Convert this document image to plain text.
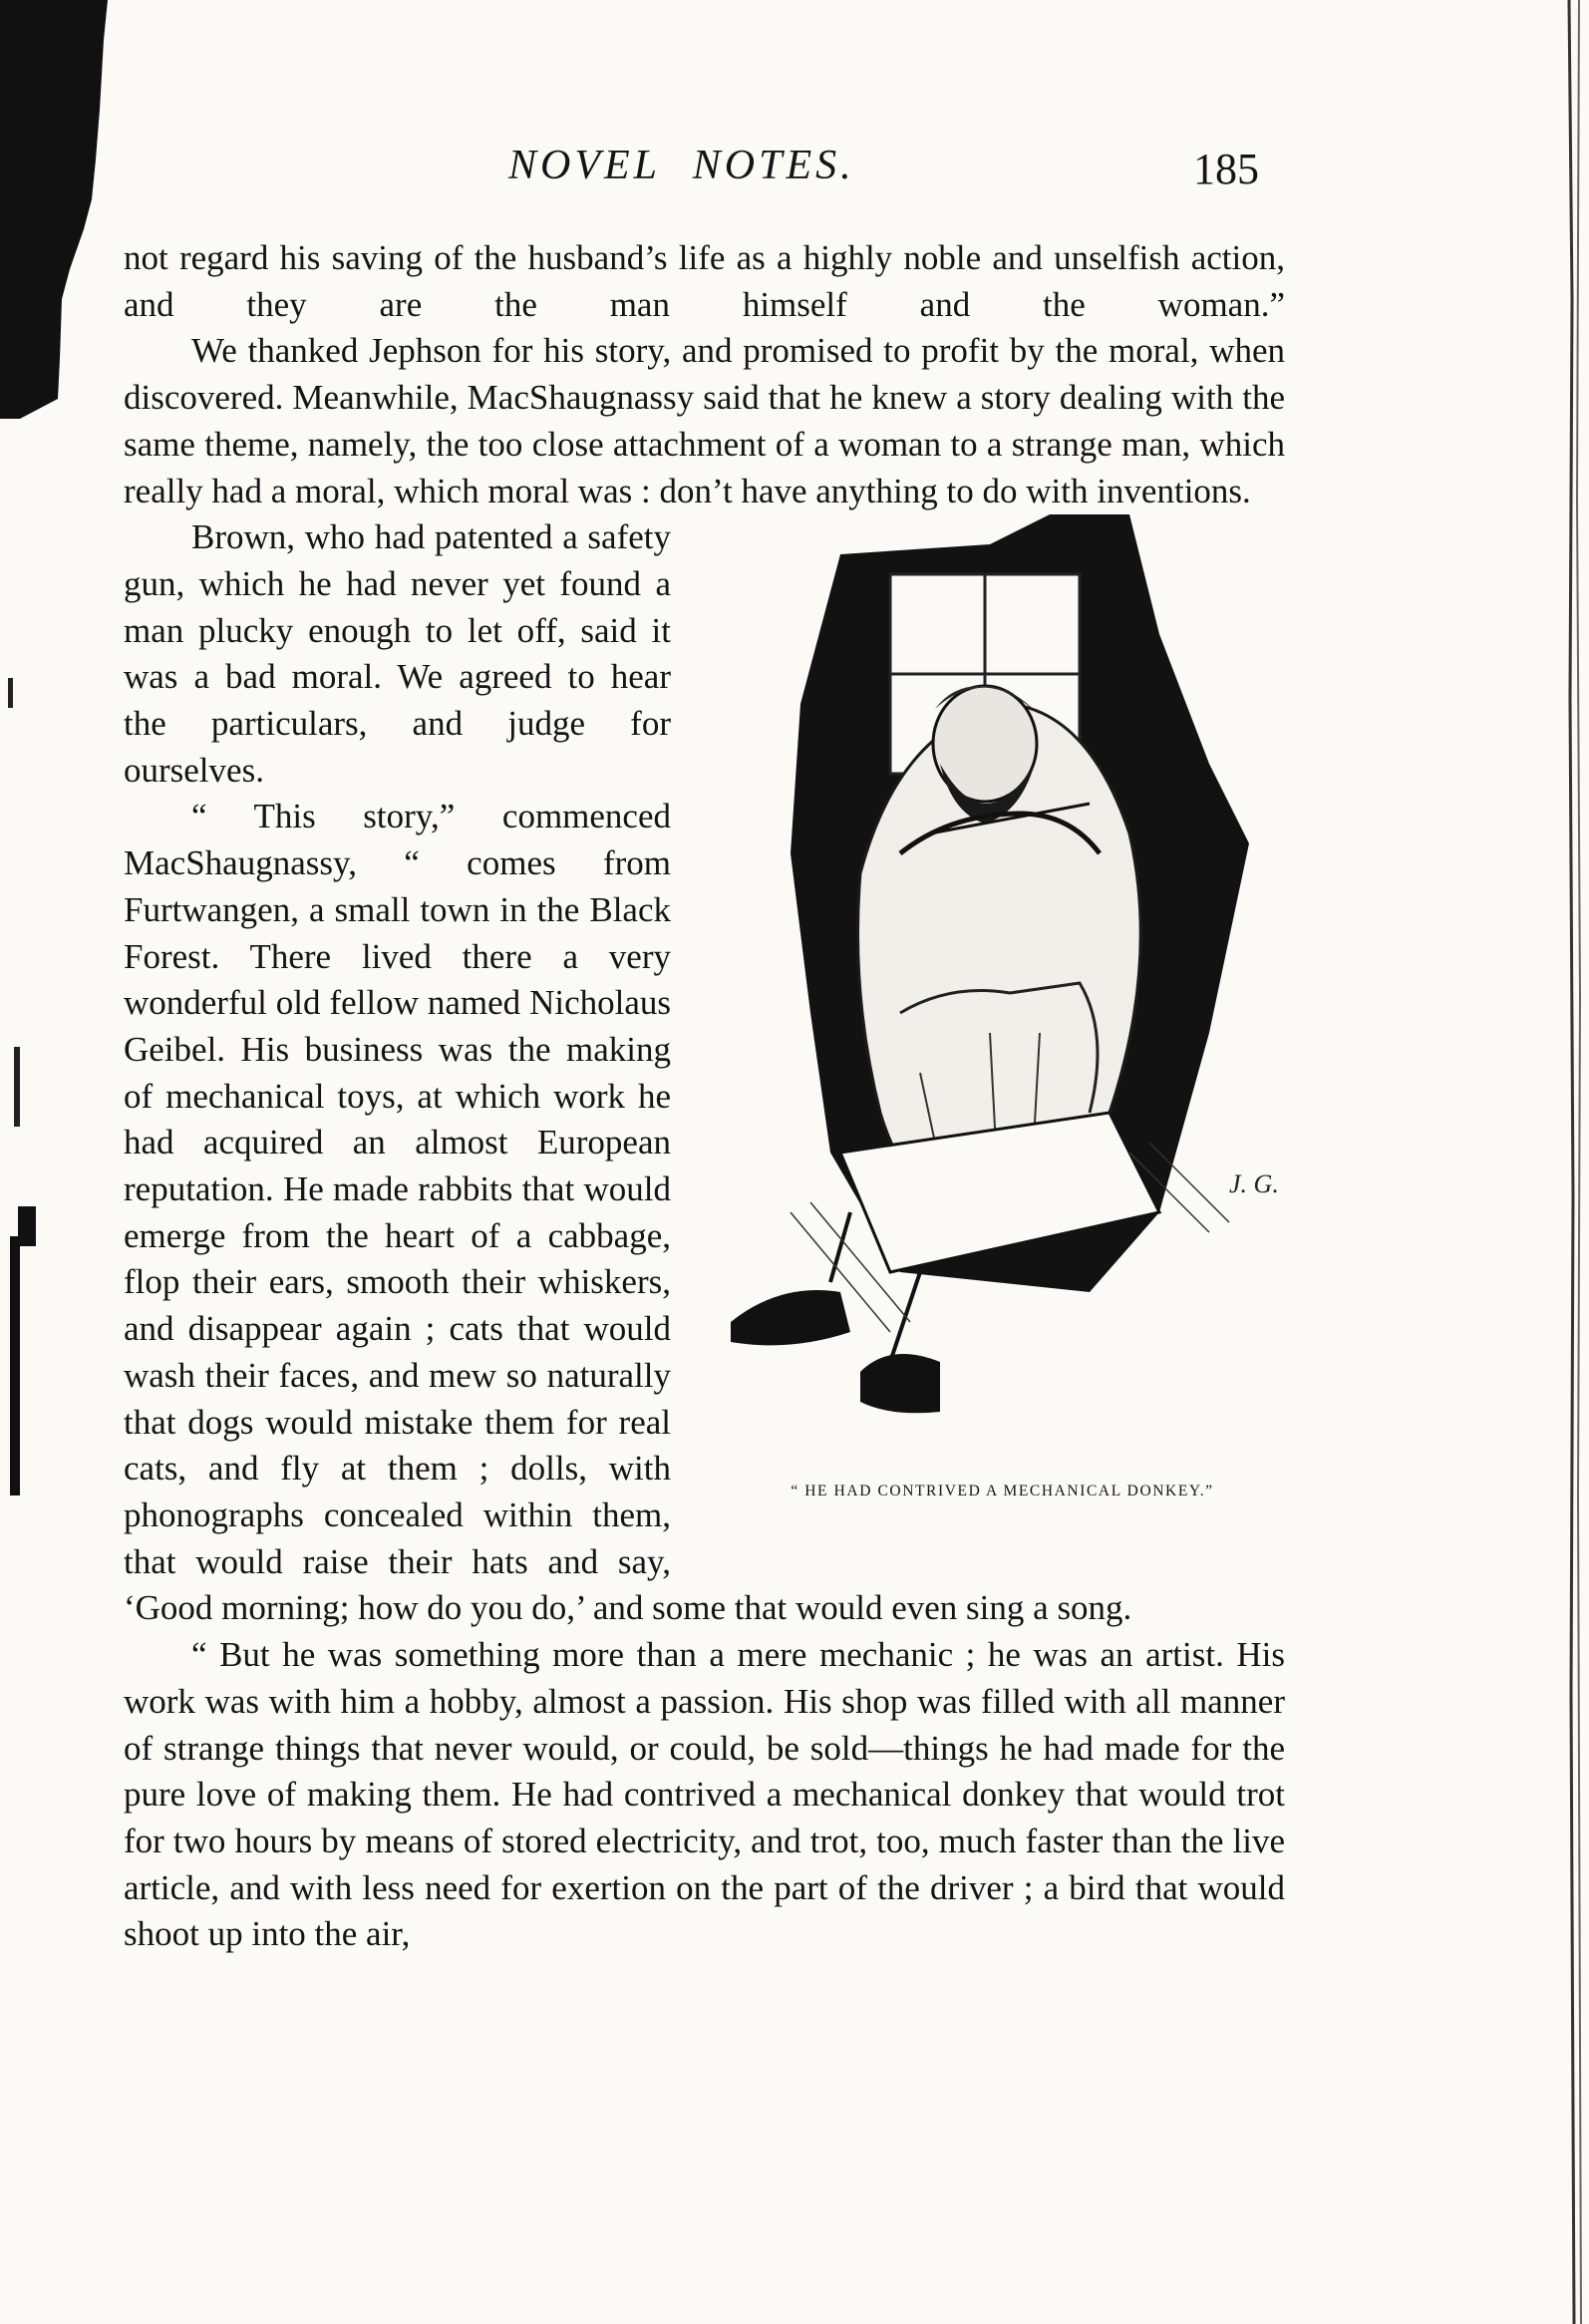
NOVEL NOTES.	185

not regard his saving of the husband’s life as a highly noble and unselfish action, and they are the man himself and the woman.”

We thanked Jephson for his story, and promised to profit by the moral, when discovered. Meanwhile, MacShaugnassy said that he knew a story dealing with the same theme, namely, the too close attachment of a woman to a strange man, which really had a moral, which moral was : don’t have anything to do with inventions.

J. G.
“ HE HAD CONTRIVED A MECHANICAL DONKEY.”

Brown, who had patented a safety gun, which he had never yet found a man plucky enough to let off, said it was a bad moral. We agreed to hear the particulars, and judge for ourselves.

“ This story,” commenced MacShaugnassy, “ comes from Furtwangen, a small town in the Black Forest. There lived there a very wonderful old fellow named Nicholaus Geibel. His business was the making of mechanical toys, at which work he had acquired an almost European reputation. He made rabbits that would emerge from the heart of a cabbage, flop their ears, smooth their whiskers, and disappear again ; cats that would wash their faces, and mew so naturally that dogs would mistake them for real cats, and fly at them ; dolls, with phonographs concealed within them, that would raise their hats and say, ‘Good morning; how do you do,’ and some that would even sing a song.

“ But he was something more than a mere mechanic ; he was an artist. His work was with him a hobby, almost a passion. His shop was filled with all manner of strange things that never would, or could, be sold—things he had made for the pure love of making them. He had contrived a mechanical donkey that would trot for two hours by means of stored electricity, and trot, too, much faster than the live article, and with less need for exertion on the part of the driver ; a bird that would shoot up into the air,
